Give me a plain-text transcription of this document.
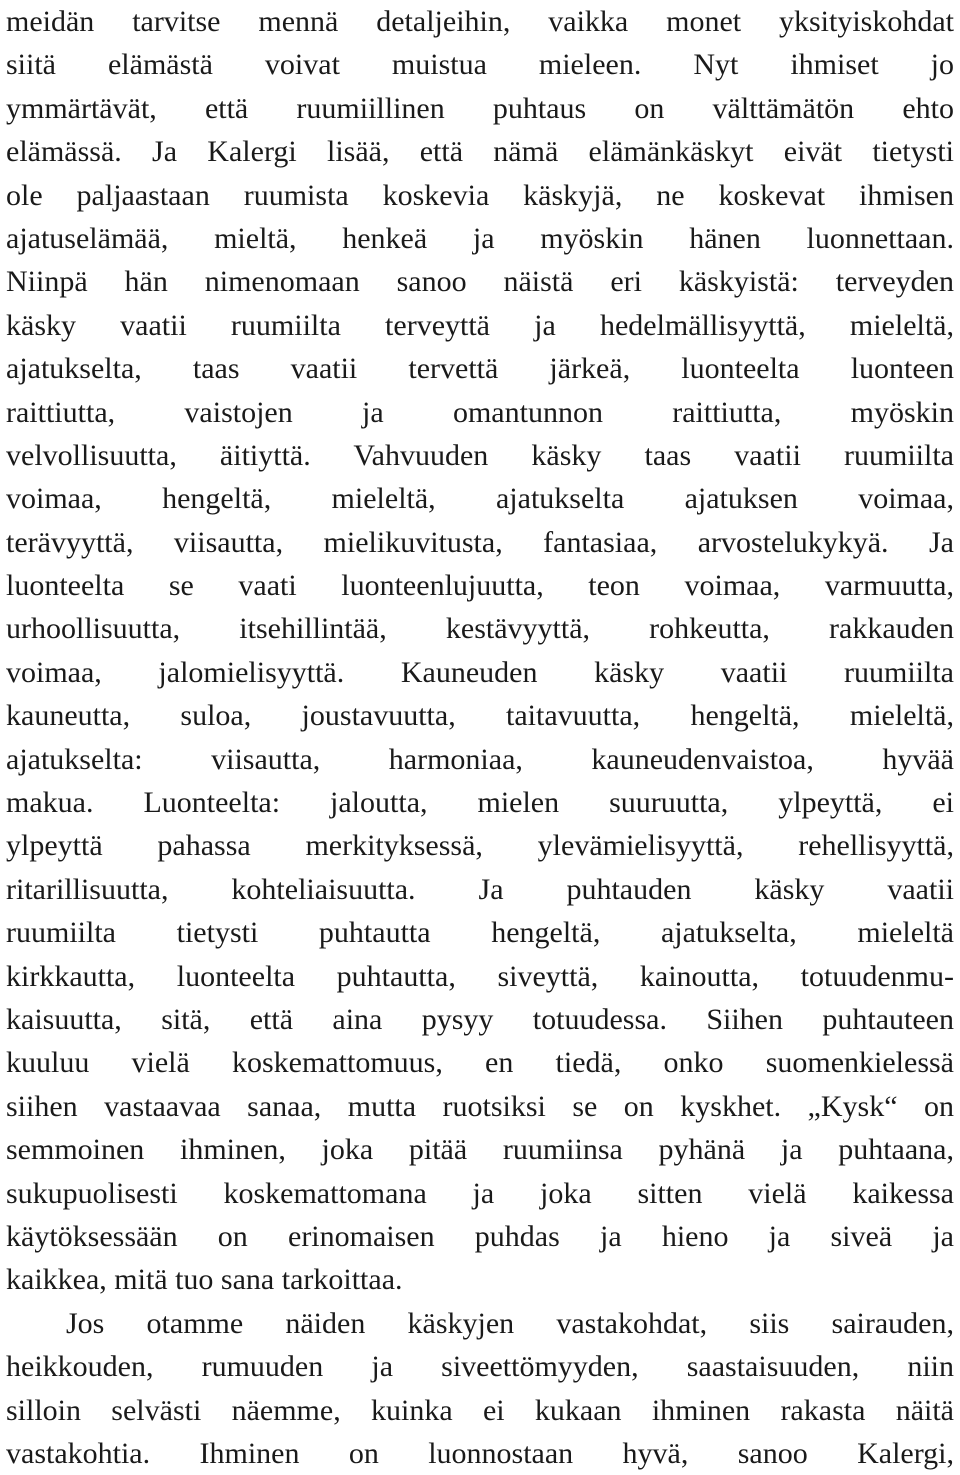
meidän tarvitse mennä detaljeihin, vaikka monet yksityiskohdat
siitä elämästä voivat muistua mieleen. Nyt ihmiset jo
ymmärtävät, että ruumiillinen puhtaus on välttämätön ehto
elämässä. Ja Kalergi lisää, että nämä elämänkäskyt eivät tietysti
ole paljaastaan ruumista koskevia käskyjä, ne koskevat ihmisen
ajatuselämää, mieltä, henkeä ja myöskin hänen luonnettaan.
Niinpä hän nimenomaan sanoo näistä eri käskyistä: terveyden
käsky vaatii ruumiilta terveyttä ja hedelmällisyyttä, mieleltä,
ajatukselta, taas vaatii tervettä järkeä, luonteelta luonteen
raittiutta, vaistojen ja omantunnon raittiutta, myöskin
velvollisuutta, äitiyttä. Vahvuuden käsky taas vaatii ruumiilta
voimaa, hengeltä, mieleltä, ajatukselta ajatuksen voimaa,
terävyyttä, viisautta, mielikuvitusta, fantasiaa, arvostelukykyä. Ja
luonteelta se vaati luonteenlujuutta, teon voimaa, varmuutta,
urhoollisuutta, itsehillintää, kestävyyttä, rohkeutta, rakkauden
voimaa, jalomielisyyttä. Kauneuden käsky vaatii ruumiilta
kauneutta, suloa, joustavuutta, taitavuutta, hengeltä, mieleltä,
ajatukselta: viisautta, harmoniaa, kauneudenvaistoa, hyvää
makua. Luonteelta: jaloutta, mielen suuruutta, ylpeyttä, ei
ylpeyttä pahassa merkityksessä, ylevämielisyyttä, rehellisyyttä,
ritarillisuutta, kohteliaisuutta. Ja puhtauden käsky vaatii
ruumiilta tietysti puhtautta hengeltä, ajatukselta, mieleltä
kirkkautta, luonteelta puhtautta, siveyttä, kainoutta, totuudenmu-
kaisuutta, sitä, että aina pysyy totuudessa. Siihen puhtauteen
kuuluu vielä koskemattomuus, en tiedä, onko suomenkielessä
siihen vastaavaa sanaa, mutta ruotsiksi se on kyskhet. „Kysk“ on
semmoinen ihminen, joka pitää ruumiinsa pyhänä ja puhtaana,
sukupuolisesti koskemattomana ja joka sitten vielä kaikessa
käytöksessään on erinomaisen puhdas ja hieno ja siveä ja
kaikkea, mitä tuo sana tarkoittaa.
Jos otamme näiden käskyjen vastakohdat, siis sairauden,
heikkouden, rumuuden ja siveettömyyden, saastaisuuden, niin
silloin selvästi näemme, kuinka ei kukaan ihminen rakasta näitä
vastakohtia. Ihminen on luonnostaan hyvä, sanoo Kalergi,
